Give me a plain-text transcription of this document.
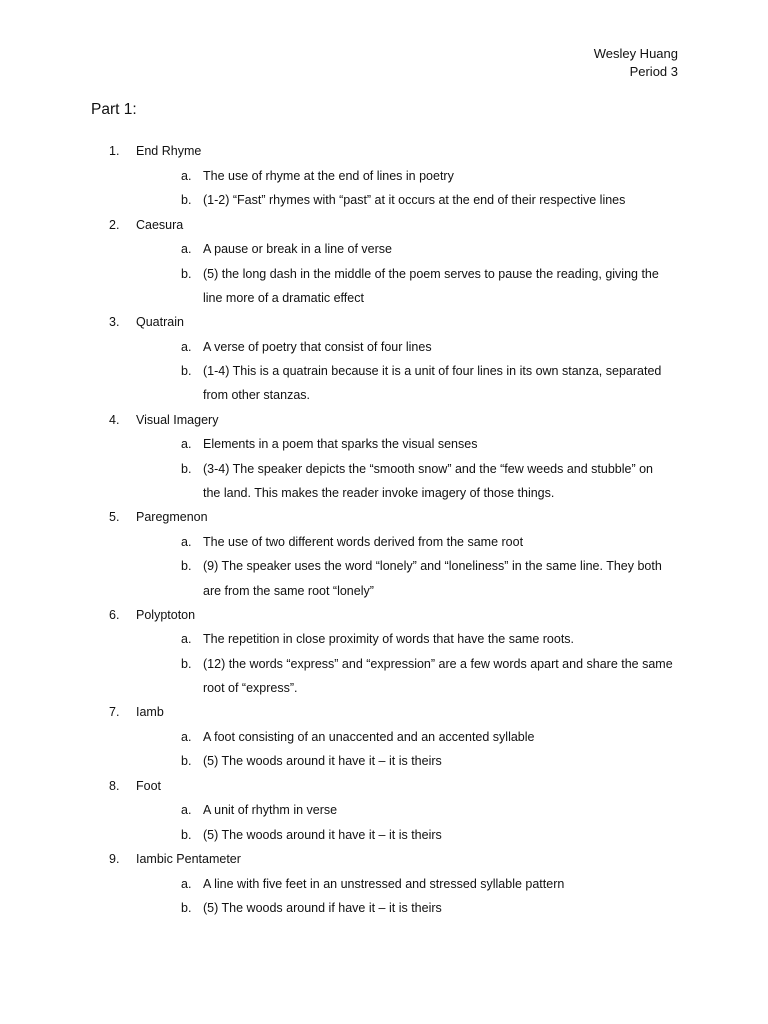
Wesley Huang
Period 3
Part 1:
1.	End Rhyme
a. The use of rhyme at the end of lines in poetry
b. (1-2) “Fast” rhymes with “past” at it occurs at the end of their respective lines
2.	Caesura
a. A pause or break in a line of verse
b. (5) the long dash in the middle of the poem serves to pause the reading, giving the line more of a dramatic effect
3.	Quatrain
a. A verse of poetry that consist of four lines
b. (1-4) This is a quatrain because it is a unit of four lines in its own stanza, separated from other stanzas.
4.	Visual Imagery
a. Elements in a poem that sparks the visual senses
b. (3-4) The speaker depicts the “smooth snow” and the “few weeds and stubble” on the land. This makes the reader invoke imagery of those things.
5.	Paregmenon
a. The use of two different words derived from the same root
b. (9) The speaker uses the word “lonely” and “loneliness” in the same line. They both are from the same root “lonely”
6.	Polyptoton
a. The repetition in close proximity of words that have the same roots.
b. (12) the words “express” and “expression” are a few words apart and share the same root of “express”.
7.	Iamb
a. A foot consisting of an unaccented and an accented syllable
b. (5) The woods around it have it – it is theirs
8.	Foot
a. A unit of rhythm in verse
b. (5) The woods around it have it – it is theirs
9.	Iambic Pentameter
a. A line with five feet in an unstressed and stressed syllable pattern
b. (5) The woods around if have it – it is theirs
